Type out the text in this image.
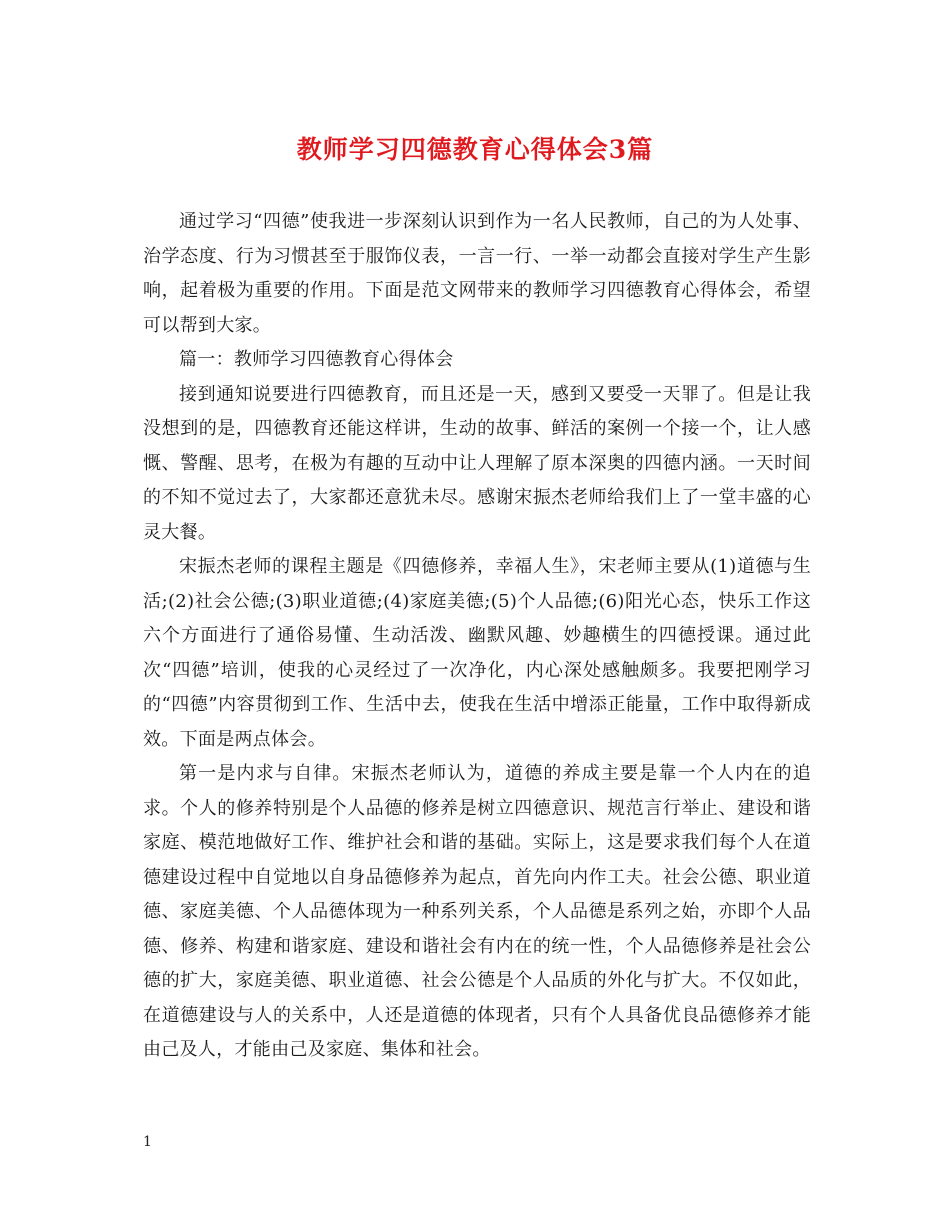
教师学习四德教育心得体会3篇

通过学习“四德”使我进一步深刻认识到作为一名人民教师，自己的为人处事、治学态度、行为习惯甚至于服饰仪表，一言一行、一举一动都会直接对学生产生影响，起着极为重要的作用。下面是范文网带来的教师学习四德教育心得体会，希望可以帮到大家。

篇一：教师学习四德教育心得体会

接到通知说要进行四德教育，而且还是一天，感到又要受一天罪了。但是让我没想到的是，四德教育还能这样讲，生动的故事、鲜活的案例一个接一个，让人感慨、警醒、思考，在极为有趣的互动中让人理解了原本深奥的四德内涵。一天时间的不知不觉过去了，大家都还意犹未尽。感谢宋振杰老师给我们上了一堂丰盛的心灵大餐。

宋振杰老师的课程主题是《四德修养，幸福人生》，宋老师主要从(1)道德与生活;(2)社会公德;(3)职业道德;(4)家庭美德;(5)个人品德;(6)阳光心态，快乐工作这六个方面进行了通俗易懂、生动活泼、幽默风趣、妙趣横生的四德授课。通过此次“四德”培训，使我的心灵经过了一次净化，内心深处感触颇多。我要把刚学习的“四德”内容贯彻到工作、生活中去，使我在生活中增添正能量，工作中取得新成效。下面是两点体会。

第一是内求与自律。宋振杰老师认为，道德的养成主要是靠一个人内在的追求。个人的修养特别是个人品德的修养是树立四德意识、规范言行举止、建设和谐家庭、模范地做好工作、维护社会和谐的基础。实际上，这是要求我们每个人在道德建设过程中自觉地以自身品德修养为起点，首先向内作工夫。社会公德、职业道德、家庭美德、个人品德体现为一种系列关系，个人品德是系列之始，亦即个人品德、修养、构建和谐家庭、建设和谐社会有内在的统一性，个人品德修养是社会公德的扩大，家庭美德、职业道德、社会公德是个人品质的外化与扩大。不仅如此，在道德建设与人的关系中，人还是道德的体现者，只有个人具备优良品德修养才能由己及人，才能由己及家庭、集体和社会。

1
